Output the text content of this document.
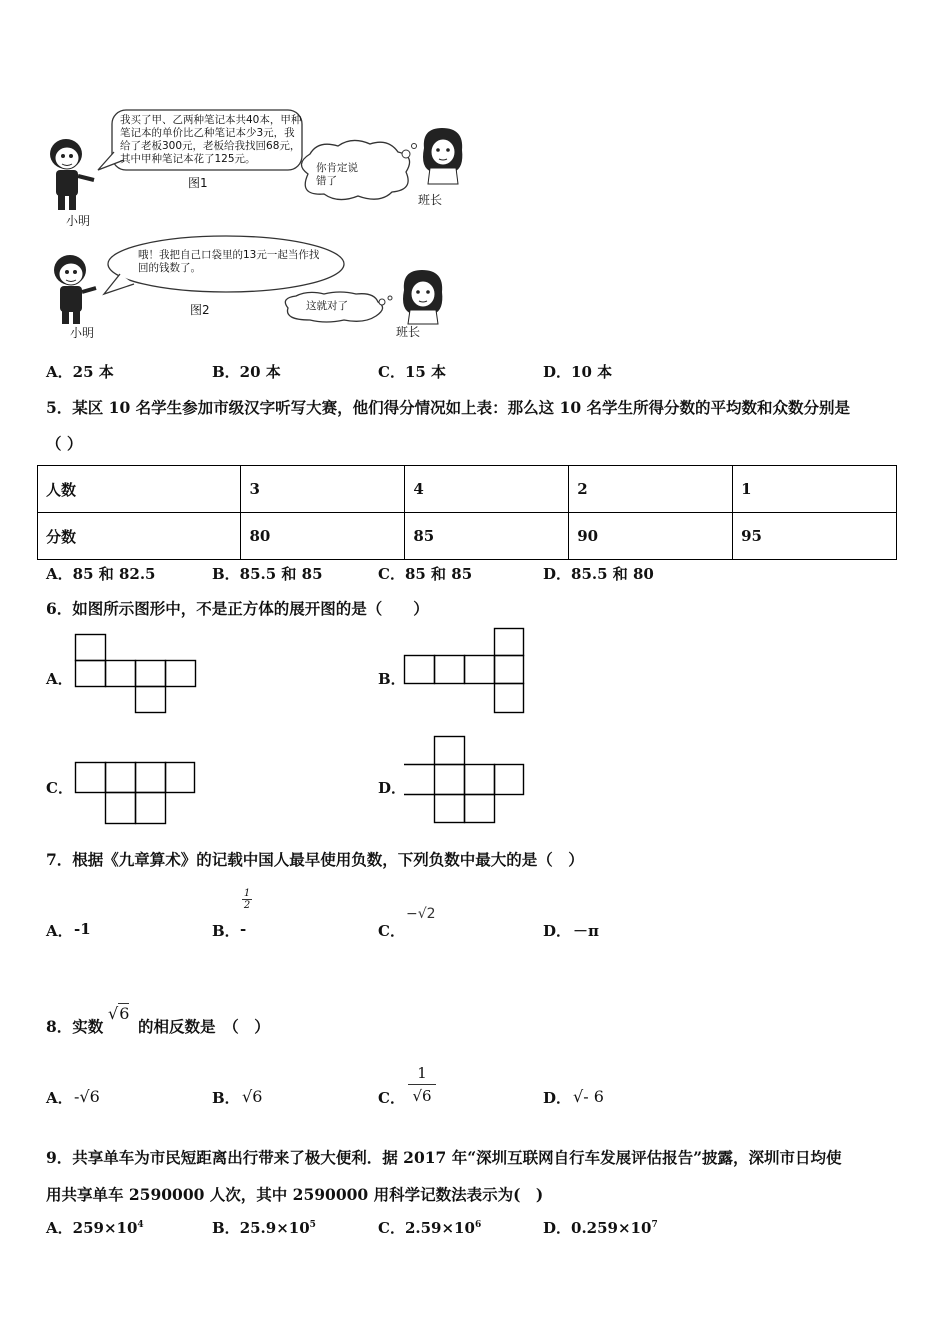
小明
我买了甲、乙两种笔记本共40本，甲种
笔记本的单价比乙种笔记本少3元，我
给了老板300元，老板给我找回68元，
其中甲种笔记本花了125元。
图1
你肯定说
错了
班长
小明
哦！我把自己口袋里的13元一起当作找
回的钱数了。
图2	这就对了
班长
A．25 本	B．20 本	C．15 本	D．10 本
5．某区 10 名学生参加市级汉字听写大赛，他们得分情况如上表：那么这 10 名学生所得分数的平均数和众数分别是
（ ）
人数	3	4	2	1
分数	80	85	90	95
A．85 和 82.5	B．85.5 和 85	C．85 和 85	D．85.5 和 80
6．如图所示图形中，不是正方体的展开图的是（　　）
A．	B．
C．	D．
7．根据《九章算术》的记载中国人最早使用负数，下列负数中最大的是（　）
A． -1	B． -
1
2
C．
−√2
D． －π
8．实数
√6
的相反数是　（　）
A． -√6	B． √6	C．
1
√6	D． √- 6
9．共享单车为市民短距离出行带来了极大便利．据 2017 年“深圳互联网自行车发展评估报告”披露，深圳市日均使
用共享单车 2590000 人次，其中 2590000 用科学记数法表示为(　)
A．$259\times 10^4$	B．$25.9\times 10^5$	C．$2.59\times 10^6$	D．$0.259\times 10^7$
